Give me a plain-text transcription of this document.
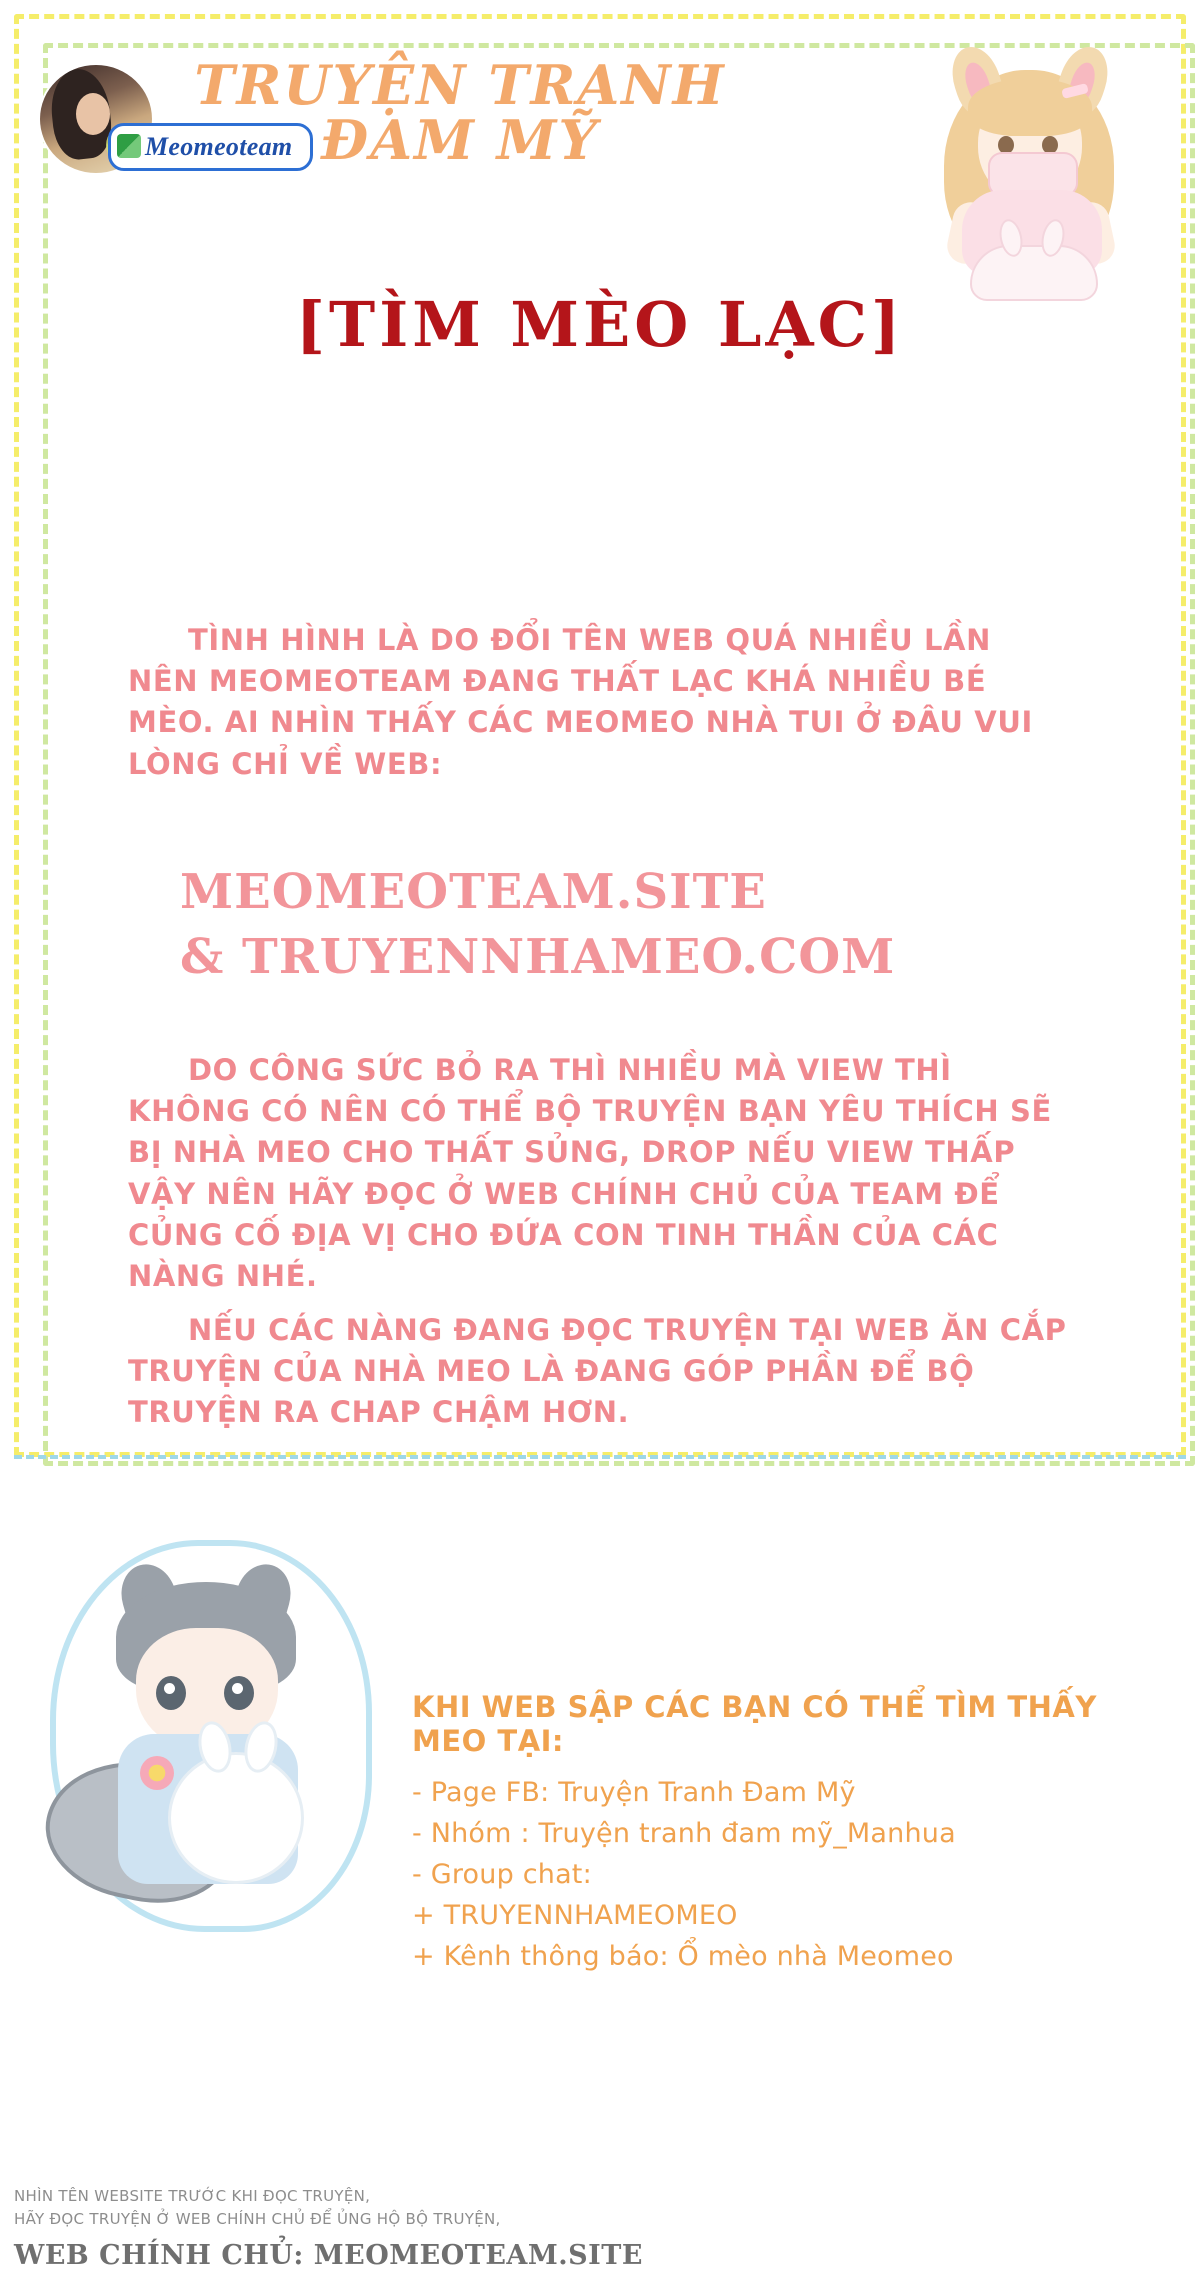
Meomeoteam
TRUYỆN TRANH
ĐAM MỸ
[TÌM MÈO LẠC]
TÌNH HÌNH LÀ DO ĐỔI TÊN WEB QUÁ NHIỀU LẦN NÊN MEOMEOTEAM ĐANG THẤT LẠC KHÁ NHIỀU BÉ MÈO. AI NHÌN THẤY CÁC MEOMEO NHÀ TUI Ở ĐÂU VUI LÒNG CHỈ VỀ WEB:
MEOMEOTEAM.SITE
& TRUYENNHAMEO.COM
DO CÔNG SỨC BỎ RA THÌ NHIỀU MÀ VIEW THÌ KHÔNG CÓ NÊN CÓ THỂ BỘ TRUYỆN BẠN YÊU THÍCH SẼ BỊ NHÀ MEO CHO THẤT SỦNG, DROP NẾU VIEW THẤP VẬY NÊN HÃY ĐỌC Ở WEB CHÍNH CHỦ CỦA TEAM ĐỂ CỦNG CỐ ĐỊA VỊ CHO ĐỨA CON TINH THẦN CỦA CÁC NÀNG NHÉ.
NẾU CÁC NÀNG ĐANG ĐỌC TRUYỆN TẠI WEB ĂN CẮP TRUYỆN CỦA NHÀ MEO LÀ ĐANG GÓP PHẦN ĐỂ BỘ TRUYỆN RA CHAP CHẬM HƠN.
KHI WEB SẬP CÁC BẠN CÓ THỂ TÌM THẤY MEO TẠI:
- Page FB: Truyện Tranh Đam Mỹ
- Nhóm : Truyện tranh đam mỹ_Manhua
- Group chat:
+ TRUYENNHAMEOMEO
+ Kênh thông báo: Ổ mèo nhà Meomeo
NHÌN TÊN WEBSITE TRƯỚC KHI ĐỌC TRUYỆN,
HÃY ĐỌC TRUYỆN Ở WEB CHÍNH CHỦ ĐỂ ỦNG HỘ BỘ TRUYỆN,
WEB CHÍNH CHỦ: MEOMEOTEAM.SITE
